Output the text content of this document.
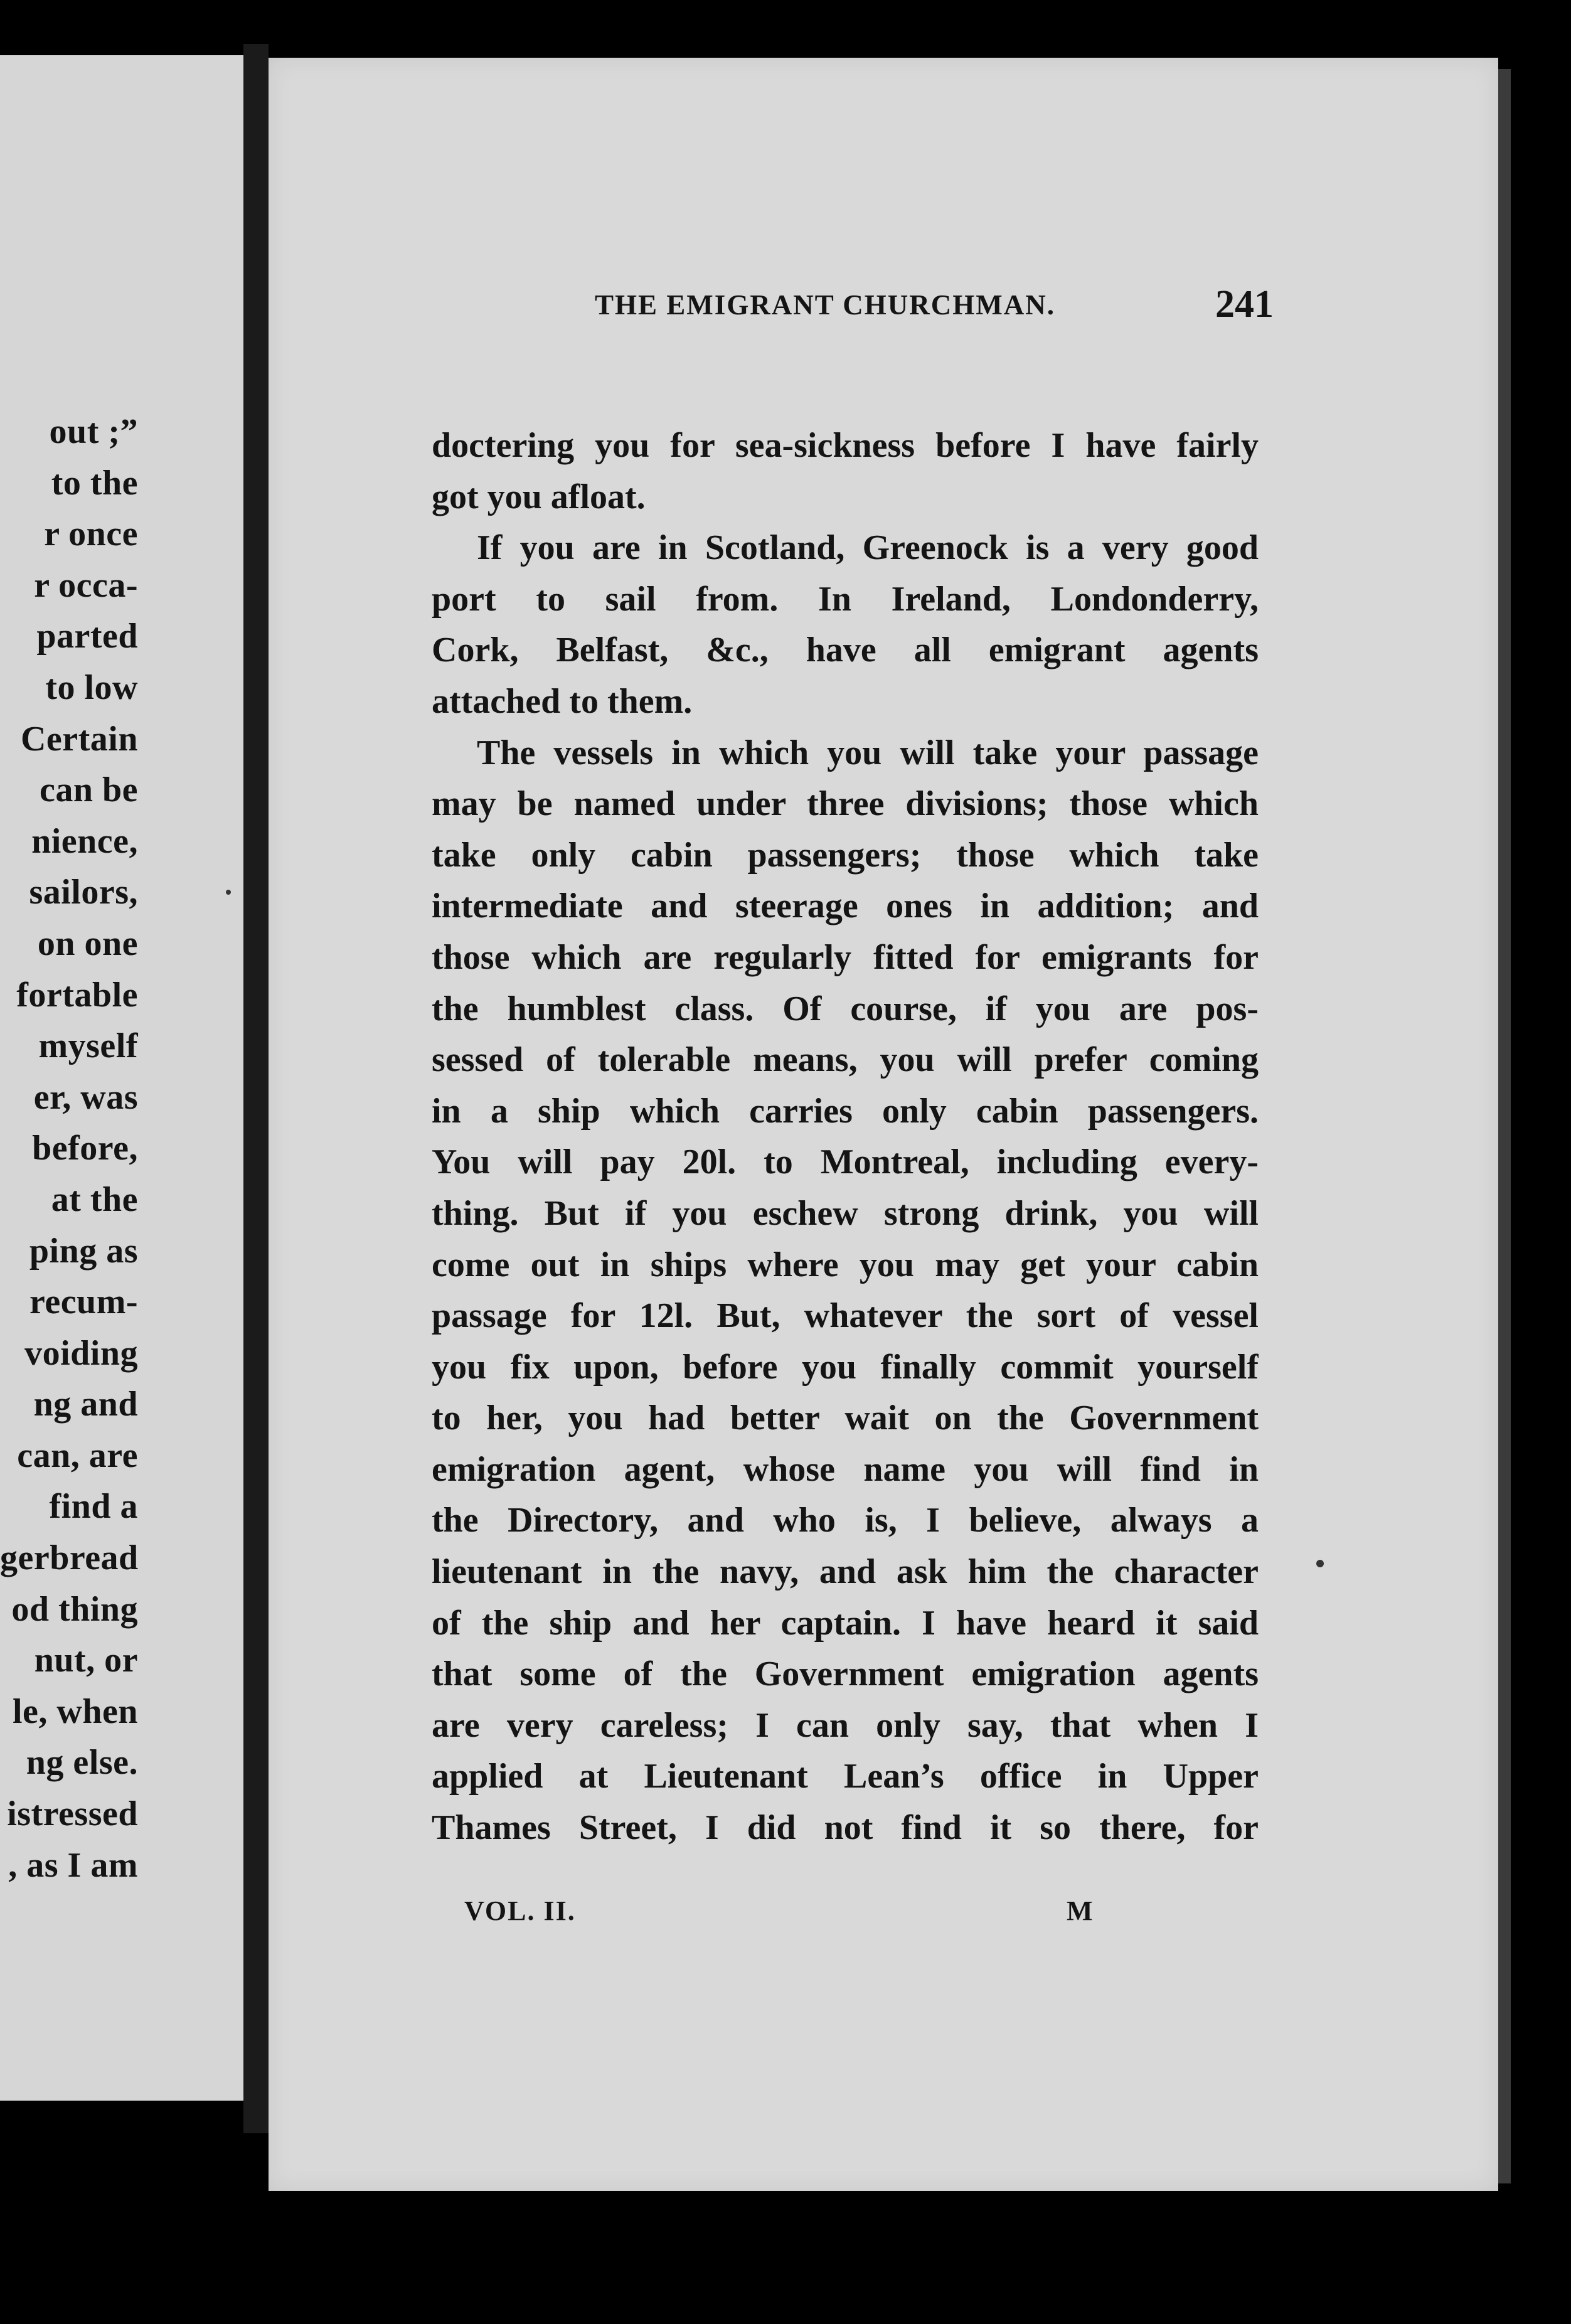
out ;”
to the
r once
r occa-
parted
to low
Certain
can be
nience,
sailors,
on one
fortable
myself
er, was
before,
at the
ping as
recum-
voiding
ng and
can, are
find a
gerbread
od thing
nut, or
le, when
ng else.
istressed
, as I am
THE EMIGRANT CHURCHMAN.	241
doctering you for sea-sickness before I have fairly
got you afloat.
If you are in Scotland, Greenock is a very good
port to sail from. In Ireland, Londonderry,
Cork, Belfast, &c., have all emigrant agents
attached to them.
The vessels in which you will take your passage
may be named under three divisions; those which
take only cabin passengers; those which take
intermediate and steerage ones in addition; and
those which are regularly fitted for emigrants for
the humblest class. Of course, if you are pos-
sessed of tolerable means, you will prefer coming
in a ship which carries only cabin passengers.
You will pay 20l. to Montreal, including every-
thing. But if you eschew strong drink, you will
come out in ships where you may get your cabin
passage for 12l. But, whatever the sort of vessel
you fix upon, before you finally commit yourself
to her, you had better wait on the Government
emigration agent, whose name you will find in
the Directory, and who is, I believe, always a
lieutenant in the navy, and ask him the character
of the ship and her captain. I have heard it said
that some of the Government emigration agents
are very careless; I can only say, that when I
applied at Lieutenant Lean’s office in Upper
Thames Street, I did not find it so there, for
VOL. II.	M
